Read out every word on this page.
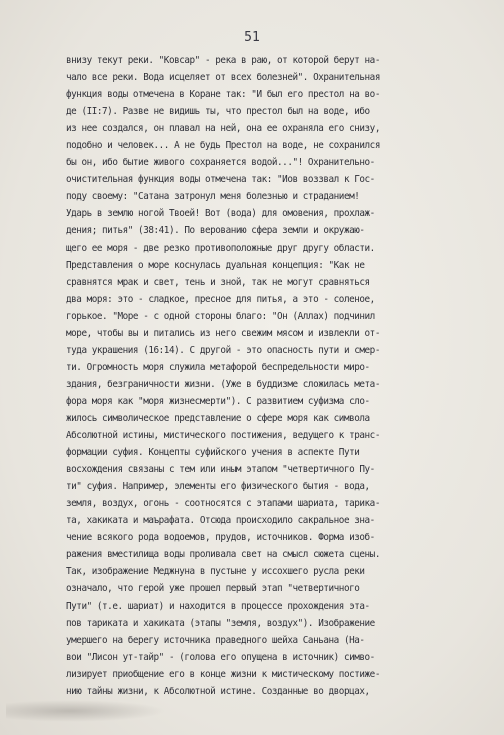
51
внизу текут реки. "Ковсар" - река в раю, от которой берут на-
чало все реки. Вода исцеляет от всех болезней". Охранительная
функция воды отмечена в Коране так: "И был его престол на во-
де (II:7). Разве не видишь ты, что престол был на воде, ибо
из нее создался, он плавал на ней, она ее охраняла его снизу,
подобно и человек... А не будь Престол на воде, не сохранился
бы он, ибо бытие живого сохраняется водой..."! Охранительно-
очистительная функция воды отмечена так: "Иов воззвал к Гос-
поду своему: "Сатана затронул меня болезнью и страданием!
Ударь в землю ногой Твоей! Вот (вода) для омовения, прохлаж-
дения; питья" (38:41). По верованию сфера земли и окружаю-
щего ее моря - две резко противоположные друг другу области.
Представления о море коснулась дуальная концепция: "Как не
сравнятся мрак и свет, тень и зной, так не могут сравняться
два моря: это - сладкое, пресное для питья, а это - соленое,
горькое. "Море - с одной стороны благо: "Он (Аллах) подчинил
море, чтобы вы и питались из него свежим мясом и извлекли от-
туда украшения (16:14). С другой - это опасность пути и смер-
ти. Огромность моря служила метафорой беспредельности миро-
здания, безграничности жизни. (Уже в буддизме сложилась мета-
фора моря как "моря жизнесмерти"). С развитием суфизма сло-
жилось символическое представление о сфере моря как символа
Абсолютной истины, мистического постижения, ведущего к транс-
формации суфия. Концепты суфийского учения в аспекте Пути
восхождения связаны с тем или иным этапом "четвертичного Пу-
ти" суфия. Например, элементы его физического бытия - вода,
земля, воздух, огонь - соотносятся с этапами шариата, тарика-
та, хакиката и маърафата. Отсюда происходило сакральное зна-
чение всякого рода водоемов, прудов, источников. Форма изоб-
ражения вместилища воды проливала свет на смысл сюжета сцены.
Так, изображение Меджнуна в пустыне у иссохшего русла реки
означало, что герой уже прошел первый этап "четвертичного
Пути" (т.е. шариат) и находится в процессе прохождения эта-
пов тариката и хакиката (этапы "земля, воздух"). Изображение
умершего на берегу источника праведного шейха Саньана (На-
вои "Лисон ут-тайр" - (голова его опущена в источник) симво-
лизирует приобщение его в конце жизни к мистическому постиже-
нию тайны жизни, к Абсолютной истине. Созданные во дворцах,
